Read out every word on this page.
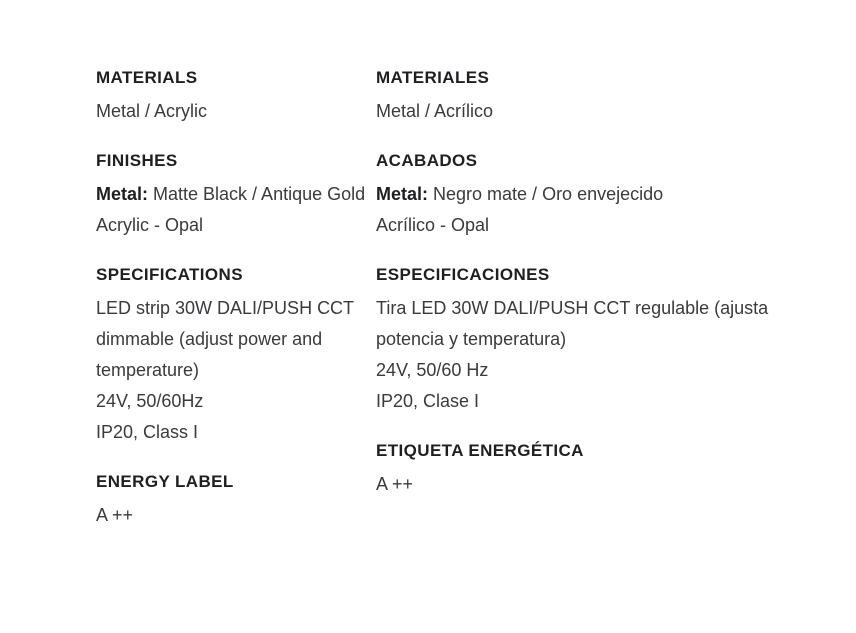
MATERIALS

Metal / Acrylic

FINISHES

Metal: Matte Black / Antique Gold
Acrylic - Opal

SPECIFICATIONS

LED strip 30W DALI/PUSH CCT dimmable (adjust power and temperature)
24V, 50/60Hz
IP20, Class I

ENERGY LABEL

A ++

MATERIALES

Metal / Acrílico

ACABADOS

Metal: Negro mate / Oro envejecido
Acrílico - Opal

ESPECIFICACIONES

Tira LED 30W DALI/PUSH CCT regulable (ajusta potencia y temperatura)
24V, 50/60 Hz
IP20, Clase I

ETIQUETA ENERGÉTICA

A ++
